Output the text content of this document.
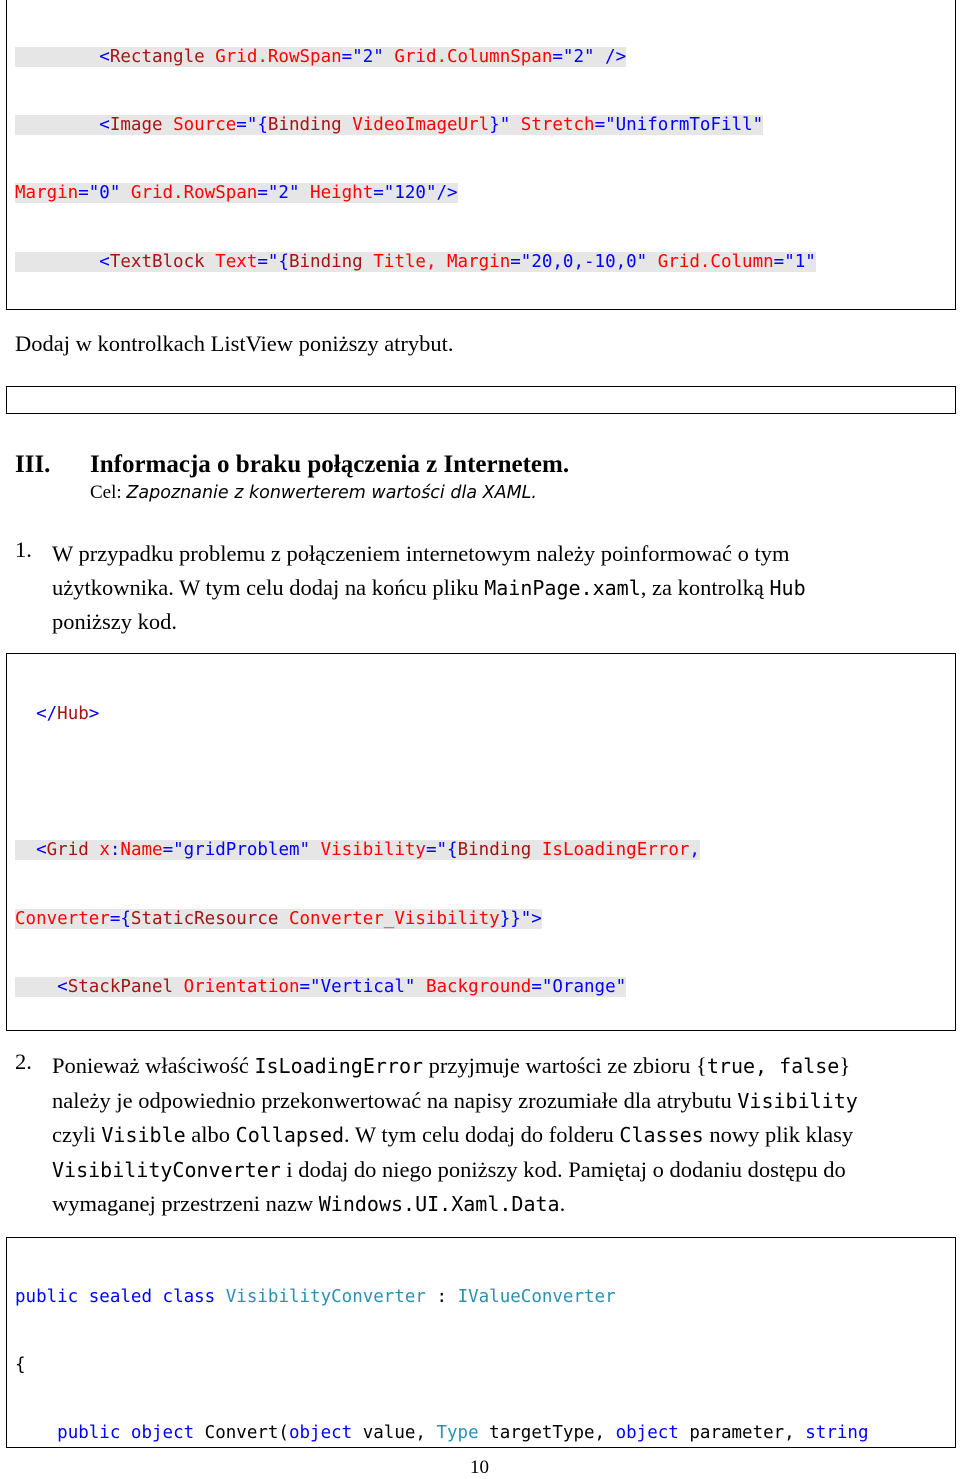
<Rectangle Grid.RowSpan="2" Grid.ColumnSpan="2" />

<Image Source="{Binding VideoImageUrl}" Stretch="UniformToFill"

Margin="0" Grid.RowSpan="2" Height="120"/>

<TextBlock Text="{Binding Title, Margin="20,0,-10,0" Grid.Column="1"

Dodaj w kontrolkach ListView poniższy atrybut.

III. Informacja o braku połączenia z Internetem.
Cel: Zapoznanie z konwerterem wartości dla XAML.
1. W przypadku problemu z połączeniem internetowym należy poinformować o tym
użytkownika. W tym celu dodaj na końcu pliku MainPage.xaml, za kontrolką Hub
poniższy kod.

</Hub>

<Grid x:Name="gridProblem" Visibility="{Binding IsLoadingError,

Converter={StaticResource Converter_Visibility}}">

<StackPanel Orientation="Vertical" Background="Orange"

2. Ponieważ właściwość IsLoadingError przyjmuje wartości ze zbioru {true, false}
należy je odpowiednio przekonwertować na napisy zrozumiałe dla atrybutu Visibility
czyli Visible albo Collapsed. W tym celu dodaj do folderu Classes nowy plik klasy
VisibilityConverter i dodaj do niego poniższy kod. Pamiętaj o dodaniu dostępu do
wymaganej przestrzeni nazw Windows.UI.Xaml.Data.

public sealed class VisibilityConverter : IValueConverter

{

public object Convert(object value, Type targetType, object parameter, string

10
